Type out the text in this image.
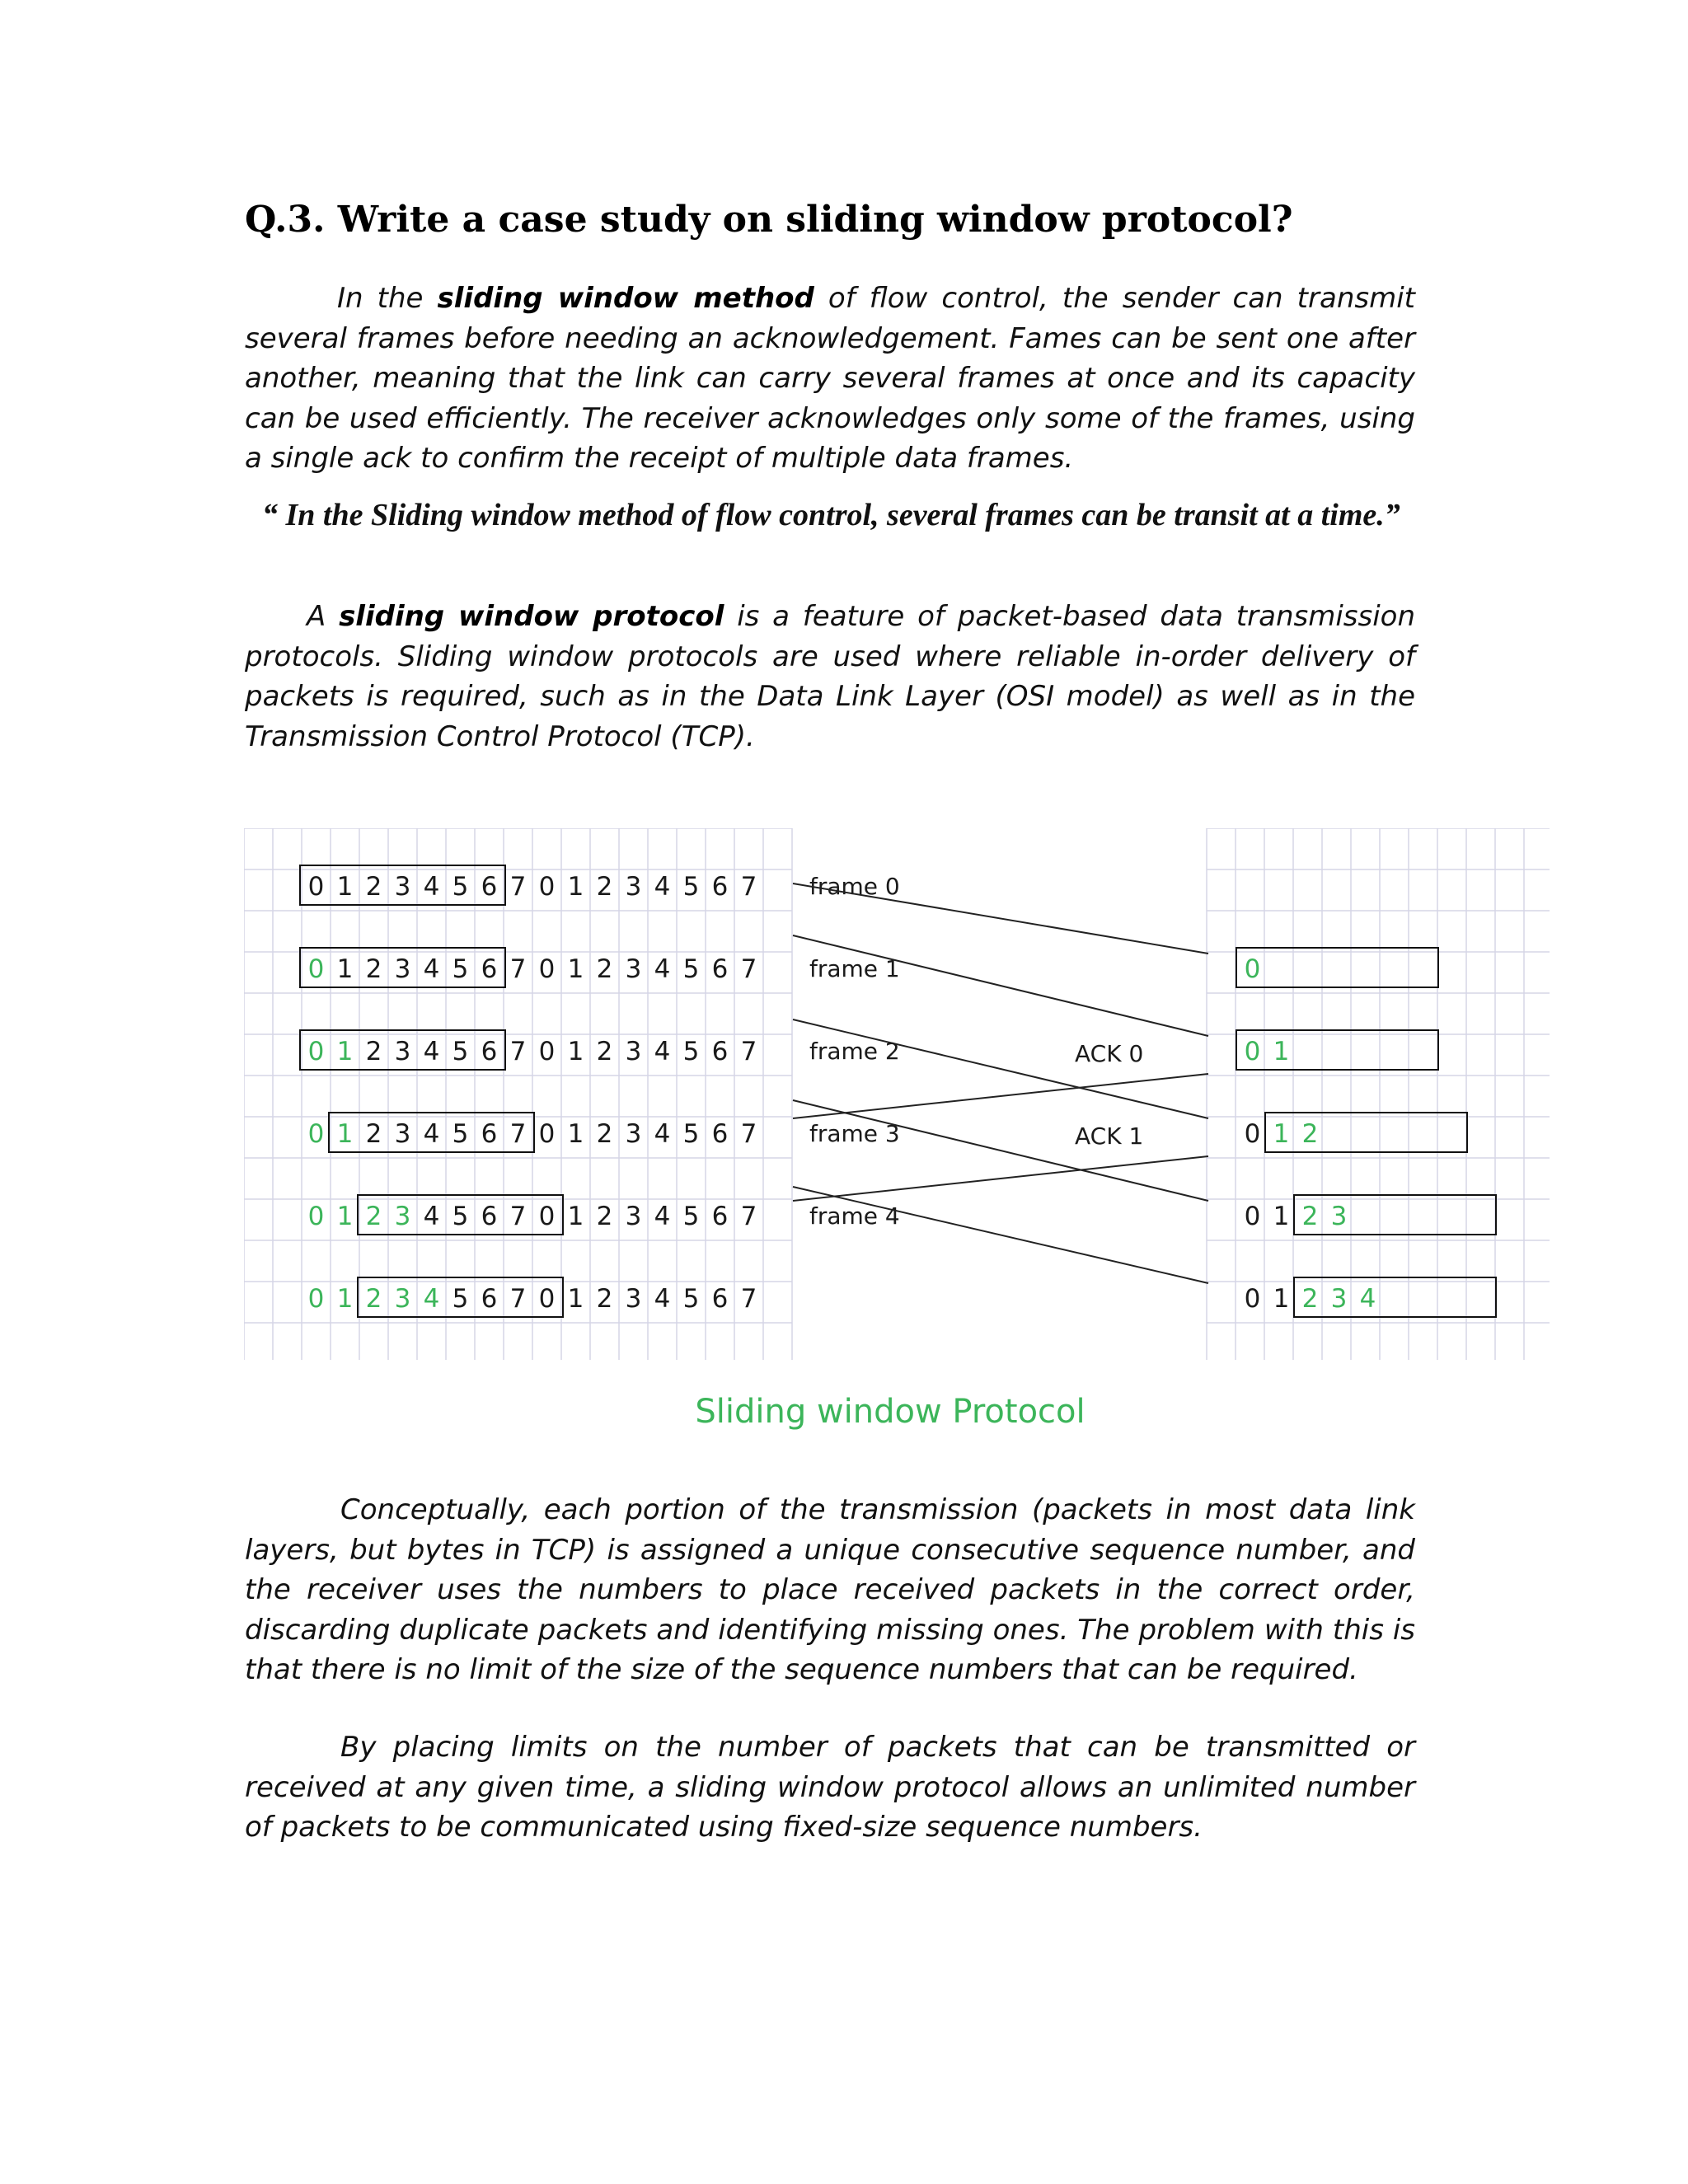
Q.3. Write a case study on sliding window protocol?

In the sliding window method of flow control, the sender can transmit several frames before needing an acknowledgement. Fames can be sent one after another, meaning that the link can carry several frames at once and its capacity can be used efficiently. The receiver acknowledges only some of the frames, using a single ack to confirm the receipt of multiple data frames.

“ In the Sliding window method of flow control, several frames can be transit at a time.”

A sliding window protocol is a feature of packet-based data transmission protocols. Sliding window protocols are used where reliable in-order delivery of packets is required, such as in the Data Link Layer (OSI model) as well as in the Transmission Control Protocol (TCP).

0 1 2 3 4 5 6 7 0 1 2 3 4 5 6 7
0 1 2 3 4 5 6 7 0 1 2 3 4 5 6 7
0 1 2 3 4 5 6 7 0 1 2 3 4 5 6 7
0 1 2 3 4 5 6 7 0 1 2 3 4 5 6 7
0 1 2 3 4 5 6 7 0 1 2 3 4 5 6 7
0 1 2 3 4 5 6 7 0 1 2 3 4 5 6 7
frame 0
frame 1
frame 2
frame 3
frame 4
ACK 0
ACK 1
0
0 1
0 1 2
0 1 2 3
0 1 2 3 4

Sliding window Protocol

Conceptually, each portion of the transmission (packets in most data link layers, but bytes in TCP) is assigned a unique consecutive sequence number, and the receiver uses the numbers to place received packets in the correct order, discarding duplicate packets and identifying missing ones. The problem with this is that there is no limit of the size of the sequence numbers that can be required.

By placing limits on the number of packets that can be transmitted or received at any given time, a sliding window protocol allows an unlimited number of packets to be communicated using fixed-size sequence numbers.
